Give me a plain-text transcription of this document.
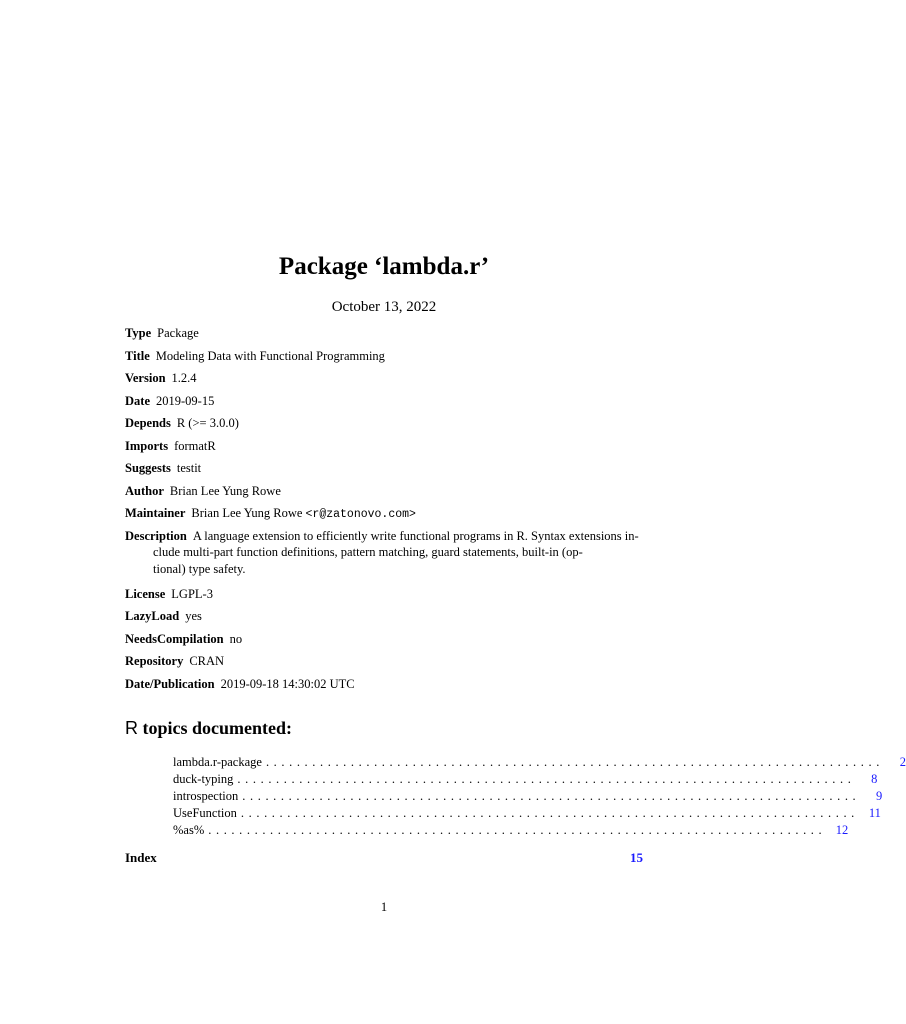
Package ‘lambda.r’
October 13, 2022
Type Package
Title Modeling Data with Functional Programming
Version 1.2.4
Date 2019-09-15
Depends R (>= 3.0.0)
Imports formatR
Suggests testit
Author Brian Lee Yung Rowe
Maintainer Brian Lee Yung Rowe <r@zatonovo.com>
Description A language extension to efficiently write functional programs in R. Syntax extensions in-
clude multi-part function definitions, pattern matching, guard statements, built-in (op-
tional) type safety.
License LGPL-3
LazyLoad yes
NeedsCompilation no
Repository CRAN
Date/Publication 2019-09-18 14:30:02 UTC
R topics documented:
lambda.r-package ................................................................................	2
duck-typing ................................................................................	8
introspection ................................................................................	9
UseFunction ................................................................................ 11
%as% ................................................................................ 12
Index	15
1
